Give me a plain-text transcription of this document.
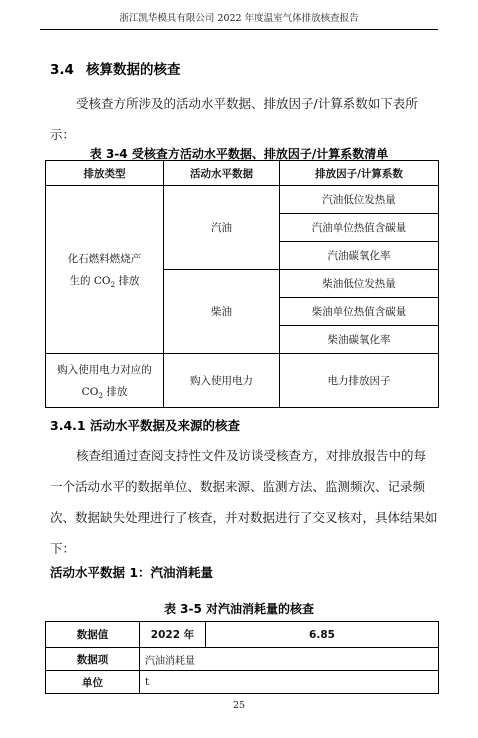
浙江凯华模具有限公司 2022 年度温室气体排放核查报告
3.4 核算数据的核查
受核查方所涉及的活动水平数据、排放因子/计算系数如下表所示：
表 3-4 受核查方活动水平数据、排放因子/计算系数清单
排放类型	活动水平数据	排放因子/计算系数
化石燃料燃烧产
生的 $CO_2$ 排放	汽油	汽油低位发热量
		汽油单位热值含碳量
		汽油碳氧化率
	柴油	柴油低位发热量
		柴油单位热值含碳量
		柴油碳氧化率
购入使用电力对应的
$CO_2$ 排放	购入使用电力	电力排放因子
3.4.1 活动水平数据及来源的核查
核查组通过查阅支持性文件及访谈受核查方，对排放报告中的每一个活动水平的数据单位、数据来源、监测方法、监测频次、记录频次、数据缺失处理进行了核查，并对数据进行了交叉核对，具体结果如下：
活动水平数据 1：汽油消耗量
表 3-5 对汽油消耗量的核查
数据值	2022 年	6.85
数据项	汽油消耗量	
单位	t	
25
